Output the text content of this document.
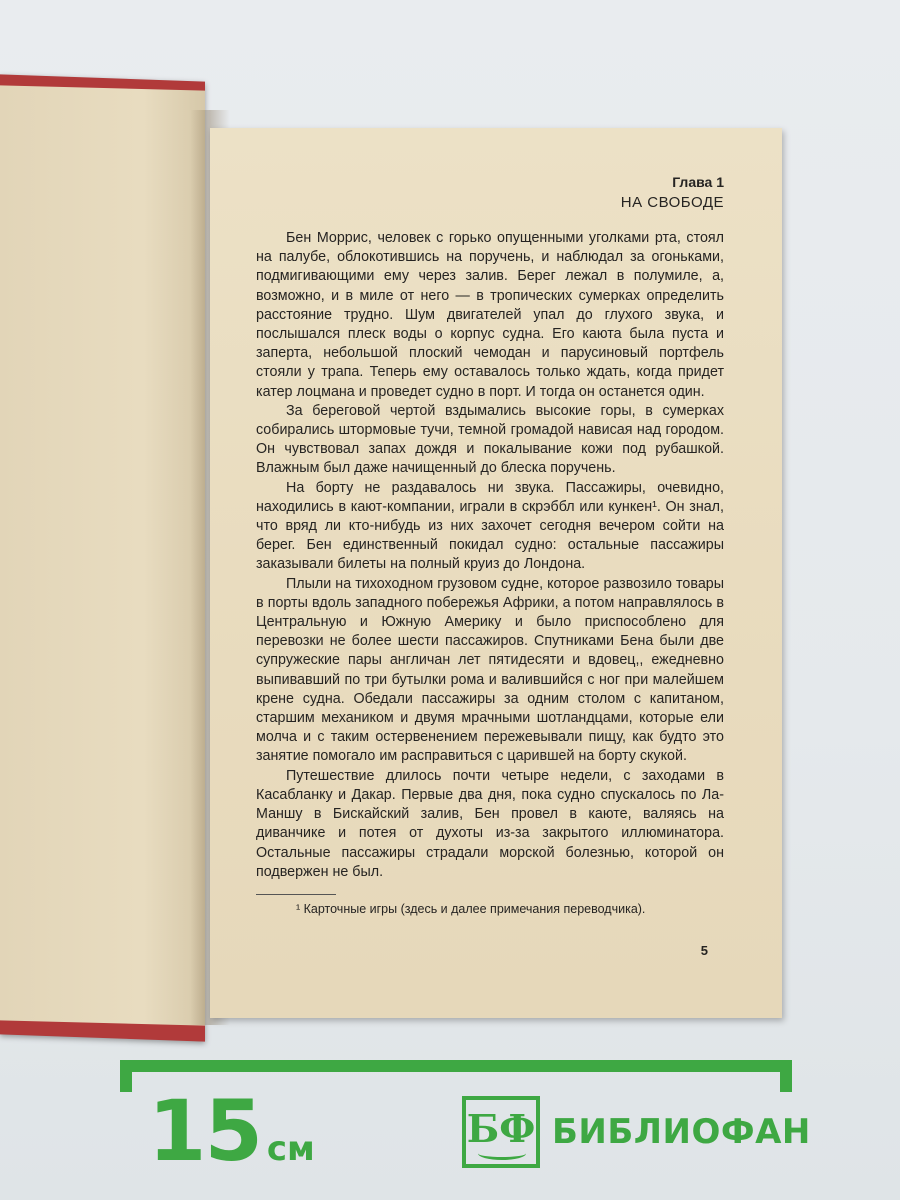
Глава 1

НА СВОБОДЕ

Бен Моррис, человек с горько опущенными уголками рта, стоял на палубе, облокотившись на поручень, и наблюдал за огоньками, подмигивающими ему через залив. Берег лежал в полумиле, а, возможно, и в миле от него — в тропических сумерках определить расстояние трудно. Шум двигателей упал до глухого звука, и послышался плеск воды о корпус судна. Его каюта была пуста и заперта, небольшой плоский чемодан и парусиновый портфель стояли у трапа. Теперь ему оставалось только ждать, когда придет катер лоцмана и проведет судно в порт. И тогда он останется один.

За береговой чертой вздымались высокие горы, в сумерках собирались штормовые тучи, темной громадой нависая над городом. Он чувствовал запах дождя и покалывание кожи под рубашкой. Влажным был даже начищенный до блеска поручень.

На борту не раздавалось ни звука. Пассажиры, очевидно, находились в кают-компании, играли в скрэббл или кункен¹. Он знал, что вряд ли кто-нибудь из них захочет сегодня вечером сойти на берег. Бен единственный покидал судно: остальные пассажиры заказывали билеты на полный круиз до Лондона.

Плыли на тихоходном грузовом судне, которое развозило товары в порты вдоль западного побережья Африки, а потом направлялось в Центральную и Южную Америку и было приспособлено для перевозки не более шести пассажиров. Спутниками Бена были две супружеские пары англичан лет пятидесяти и вдовец,, ежедневно выпивавший по три бутылки рома и валившийся с ног при малейшем крене судна. Обедали пассажиры за одним столом с капитаном, старшим механиком и двумя мрачными шотландцами, которые ели молча и с таким остервенением пережевывали пищу, как будто это занятие помогало им расправиться с царившей на борту скукой.

Путешествие длилось почти четыре недели, с заходами в Касабланку и Дакар. Первые два дня, пока судно спускалось по Ла-Маншу в Бискайский залив, Бен провел в каюте, валяясь на диванчике и потея от духоты из-за закрытого иллюминатора. Остальные пассажиры страдали морской болезнью, которой он подвержен не был.

¹ Карточные игры (здесь и далее примечания переводчика).

5
15 см	БФ БИБЛИОФАН
